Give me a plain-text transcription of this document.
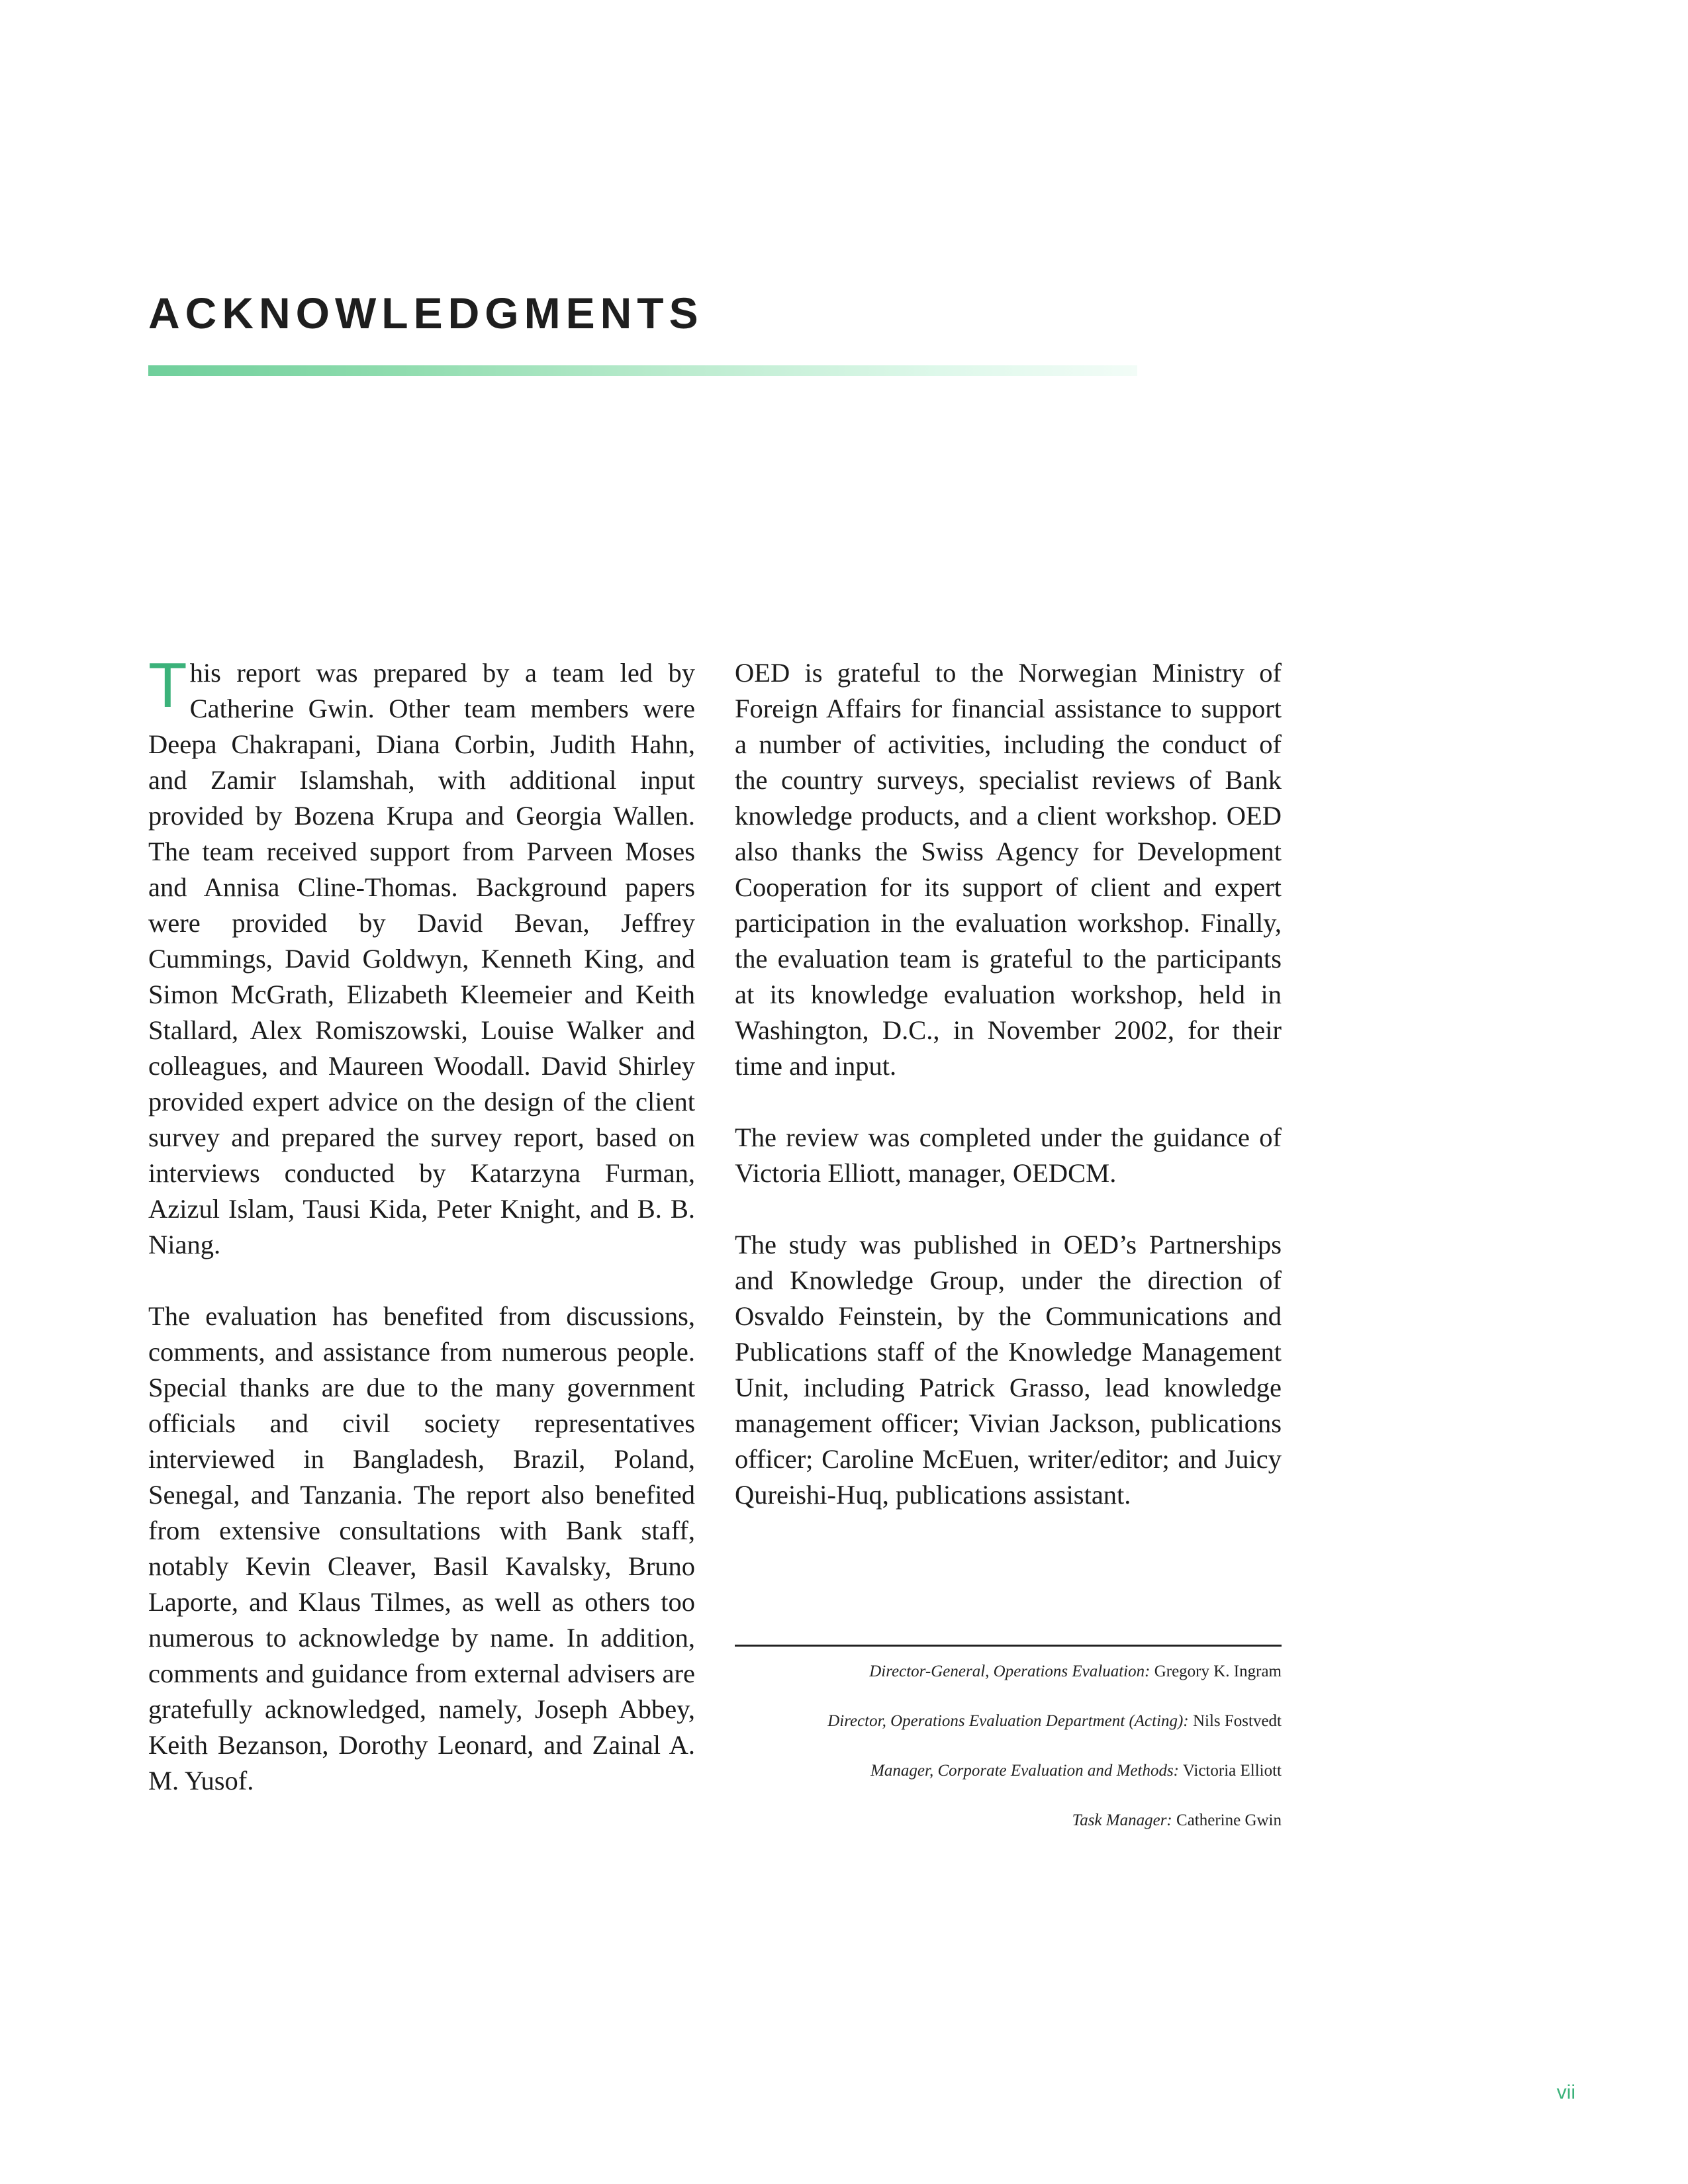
ACKNOWLEDGMENTS

This report was prepared by a team led by Catherine Gwin. Other team members were Deepa Chakrapani, Diana Corbin, Judith Hahn, and Zamir Islamshah, with additional input provided by Bozena Krupa and Georgia Wallen. The team received support from Parveen Moses and Annisa Cline-Thomas. Background papers were provided by David Bevan, Jeffrey Cummings, David Goldwyn, Kenneth King, and Simon McGrath, Elizabeth Kleemeier and Keith Stallard, Alex Romiszowski, Louise Walker and colleagues, and Maureen Woodall. David Shirley provided expert advice on the design of the client survey and prepared the survey report, based on interviews conducted by Katarzyna Furman, Azizul Islam, Tausi Kida, Peter Knight, and B. B. Niang.

The evaluation has benefited from discussions, comments, and assistance from numerous people. Special thanks are due to the many government officials and civil society representatives interviewed in Bangladesh, Brazil, Poland, Senegal, and Tanzania. The report also benefited from extensive consultations with Bank staff, notably Kevin Cleaver, Basil Kavalsky, Bruno Laporte, and Klaus Tilmes, as well as others too numerous to acknowledge by name. In addition, comments and guidance from external advisers are gratefully acknowledged, namely, Joseph Abbey, Keith Bezanson, Dorothy Leonard, and Zainal A. M. Yusof.

OED is grateful to the Norwegian Ministry of Foreign Affairs for financial assistance to support a number of activities, including the conduct of the country surveys, specialist reviews of Bank knowledge products, and a client workshop. OED also thanks the Swiss Agency for Development Cooperation for its support of client and expert participation in the evaluation workshop. Finally, the evaluation team is grateful to the participants at its knowledge evaluation workshop, held in Washington, D.C., in November 2002, for their time and input.

The review was completed under the guidance of Victoria Elliott, manager, OEDCM.

The study was published in OED’s Partnerships and Knowledge Group, under the direction of Osvaldo Feinstein, by the Communications and Publications staff of the Knowledge Management Unit, including Patrick Grasso, lead knowledge management officer; Vivian Jackson, publications officer; Caroline McEuen, writer/editor; and Juicy Qureishi-Huq, publications assistant.

Director-General, Operations Evaluation: Gregory K. Ingram

Director, Operations Evaluation Department (Acting): Nils Fostvedt

Manager, Corporate Evaluation and Methods: Victoria Elliott

Task Manager: Catherine Gwin

vii
